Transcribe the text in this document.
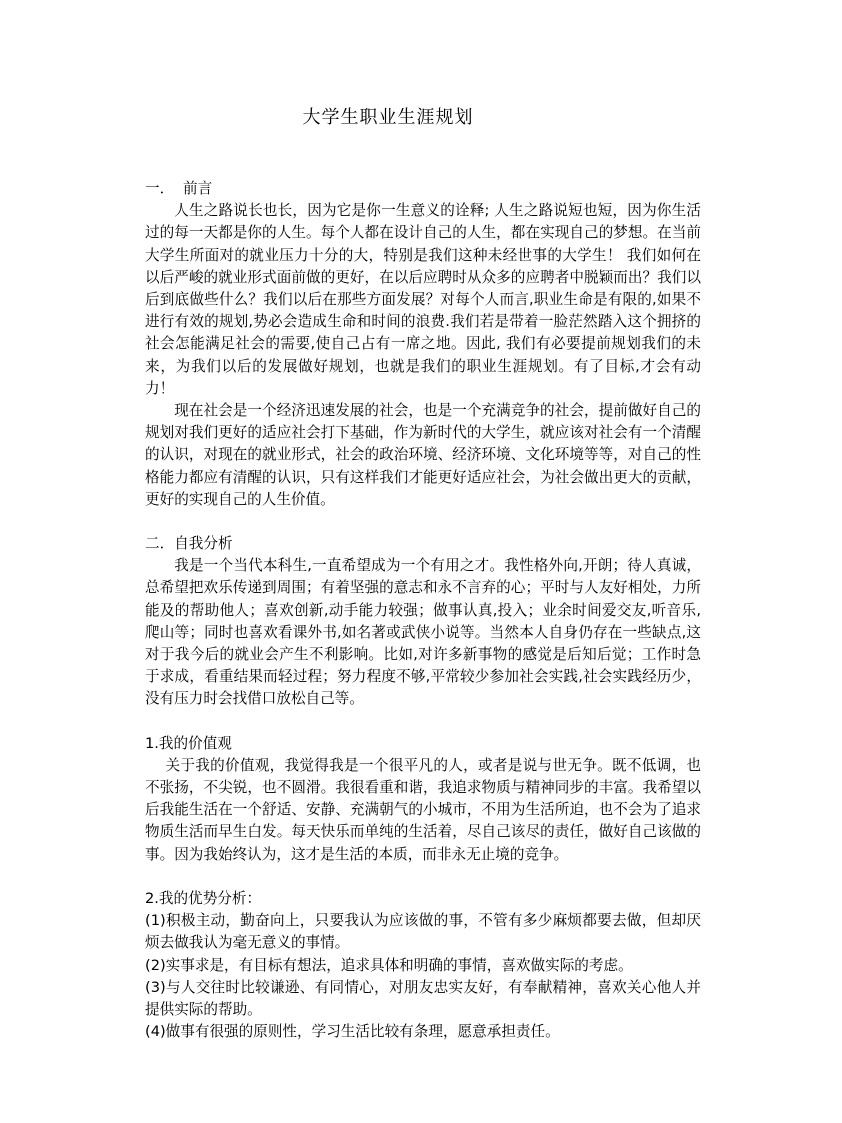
大学生职业生涯规划

一． 前言

人生之路说长也长，因为它是你一生意义的诠释; 人生之路说短也短，因为你生活过的每一天都是你的人生。每个人都在设计自己的人生，都在实现自己的梦想。在当前大学生所面对的就业压力十分的大，特别是我们这种未经世事的大学生！ 我们如何在以后严峻的就业形式面前做的更好，在以后应聘时从众多的应聘者中脱颖而出？我们以后到底做些什么？我们以后在那些方面发展？对每个人而言,职业生命是有限的,如果不进行有效的规划,势必会造成生命和时间的浪费.我们若是带着一脸茫然踏入这个拥挤的社会怎能满足社会的需要,使自己占有一席之地。因此, 我们有必要提前规划我们的未来，为我们以后的发展做好规划，也就是我们的职业生涯规划。有了目标,才会有动力！

现在社会是一个经济迅速发展的社会，也是一个充满竞争的社会，提前做好自己的规划对我们更好的适应社会打下基础，作为新时代的大学生，就应该对社会有一个清醒的认识，对现在的就业形式，社会的政治环境、经济环境、文化环境等等，对自己的性格能力都应有清醒的认识，只有这样我们才能更好适应社会，为社会做出更大的贡献，更好的实现自己的人生价值。

二．自我分析

我是一个当代本科生,一直希望成为一个有用之才。我性格外向,开朗；待人真诚，总希望把欢乐传递到周围；有着坚强的意志和永不言弃的心；平时与人友好相处，力所能及的帮助他人；喜欢创新,动手能力较强；做事认真,投入；业余时间爱交友,听音乐,爬山等；同时也喜欢看课外书,如名著或武侠小说等。当然本人自身仍存在一些缺点,这对于我今后的就业会产生不利影响。比如,对许多新事物的感觉是后知后觉；工作时急于求成，看重结果而轻过程；努力程度不够,平常较少参加社会实践,社会实践经历少，没有压力时会找借口放松自己等。

1.我的价值观

关于我的价值观，我觉得我是一个很平凡的人，或者是说与世无争。既不低调，也不张扬，不尖锐，也不圆滑。我很看重和谐，我追求物质与精神同步的丰富。我希望以后我能生活在一个舒适、安静、充满朝气的小城市，不用为生活所迫，也不会为了追求物质生活而早生白发。每天快乐而单纯的生活着，尽自己该尽的责任，做好自己该做的事。因为我始终认为，这才是生活的本质，而非永无止境的竞争。

2.我的优势分析：

(1)积极主动，勤奋向上，只要我认为应该做的事，不管有多少麻烦都要去做，但却厌烦去做我认为毫无意义的事情。

(2)实事求是，有目标有想法，追求具体和明确的事情，喜欢做实际的考虑。

(3)与人交往时比较谦逊、有同情心，对朋友忠实友好，有奉献精神，喜欢关心他人并提供实际的帮助。

(4)做事有很强的原则性，学习生活比较有条理，愿意承担责任。
